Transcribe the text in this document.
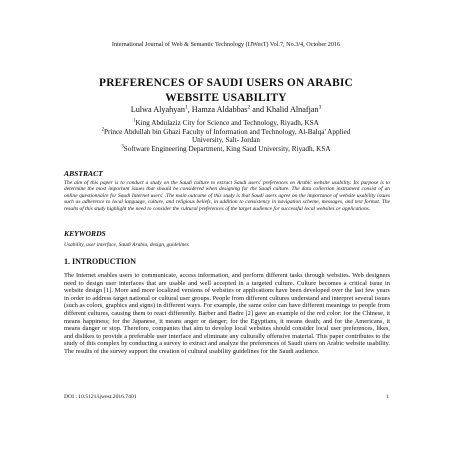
International Journal of Web & Semantic Technology (IJWesT) Vol.7, No.3/4, October 2016
PREFERENCES OF SAUDI USERS ON ARABIC
WEBSITE USABILITY
Lulwa Alyahyan$^1$, Hamza Aldabbas$^2$ and Khalid Alnafjan$^3$
$^1$King Abdulaziz City for Science and Technology, Riyadh, KSA
$^2$Prince Abdullah bin Ghazi Faculty of Information and Technology, Al-Balqa' Applied
University, Salt- Jordan
$^3$Software Engineering Department, King Saud University, Riyadh, KSA
ABSTRACT
The aim of this paper is to conduct a study on the Saudi culture to extract Saudi users' preferences on Arabic website usability. Its purpose is to determine the most important issues that should be considered when designing for the Saudi culture. The data collection instrument consist of an online questionnaire for Saudi Internet users' .The main outcome of this study is that Saudi users agree on the importance of website usability issues such as adherence to local language, culture, and religious beliefs, in addition to consistency in navigation scheme, messages, and text format. The results of this study highlight the need to consider the cultural preferences of the target audience for successful local websites or applications.
KEYWORDS
Usability, user interface, Saudi Arabia, design, guidelines
1. INTRODUCTION
The Internet enables users to communicate, access information, and perform different tasks through websites. Web designers need to design user interfaces that are usable and well accepted in a targeted culture. Culture becomes a critical issue in website design [1]. More and more localized versions of websites or applications have been developed over the last few years in order to address target national or cultural user groups. People from different cultures understand and interpret several issues (such as colors, graphics and signs) in different ways. For example, the same color can have different meanings to people from different cultures, causing them to react differently. Barber and Badre [2] gave an example of the red color: for the Chinese, it means happiness; for the Japanese, it means anger or danger; for the Egyptians, it means death; and for the Americans, it means danger or stop. Therefore, companies that aim to develop local websites should consider local user preferences, likes, and dislikes to provide a preferable user interface and eliminate any culturally offensive material. This paper contributes to the study of this complex by conducting a survey to extract and analyze the preferences of Saudi users on Arabic website usability. The results of the survey support the creation of cultural usability guidelines for the Saudi audience.
DOI : 10.5121/ijwest.2016.7401	1
